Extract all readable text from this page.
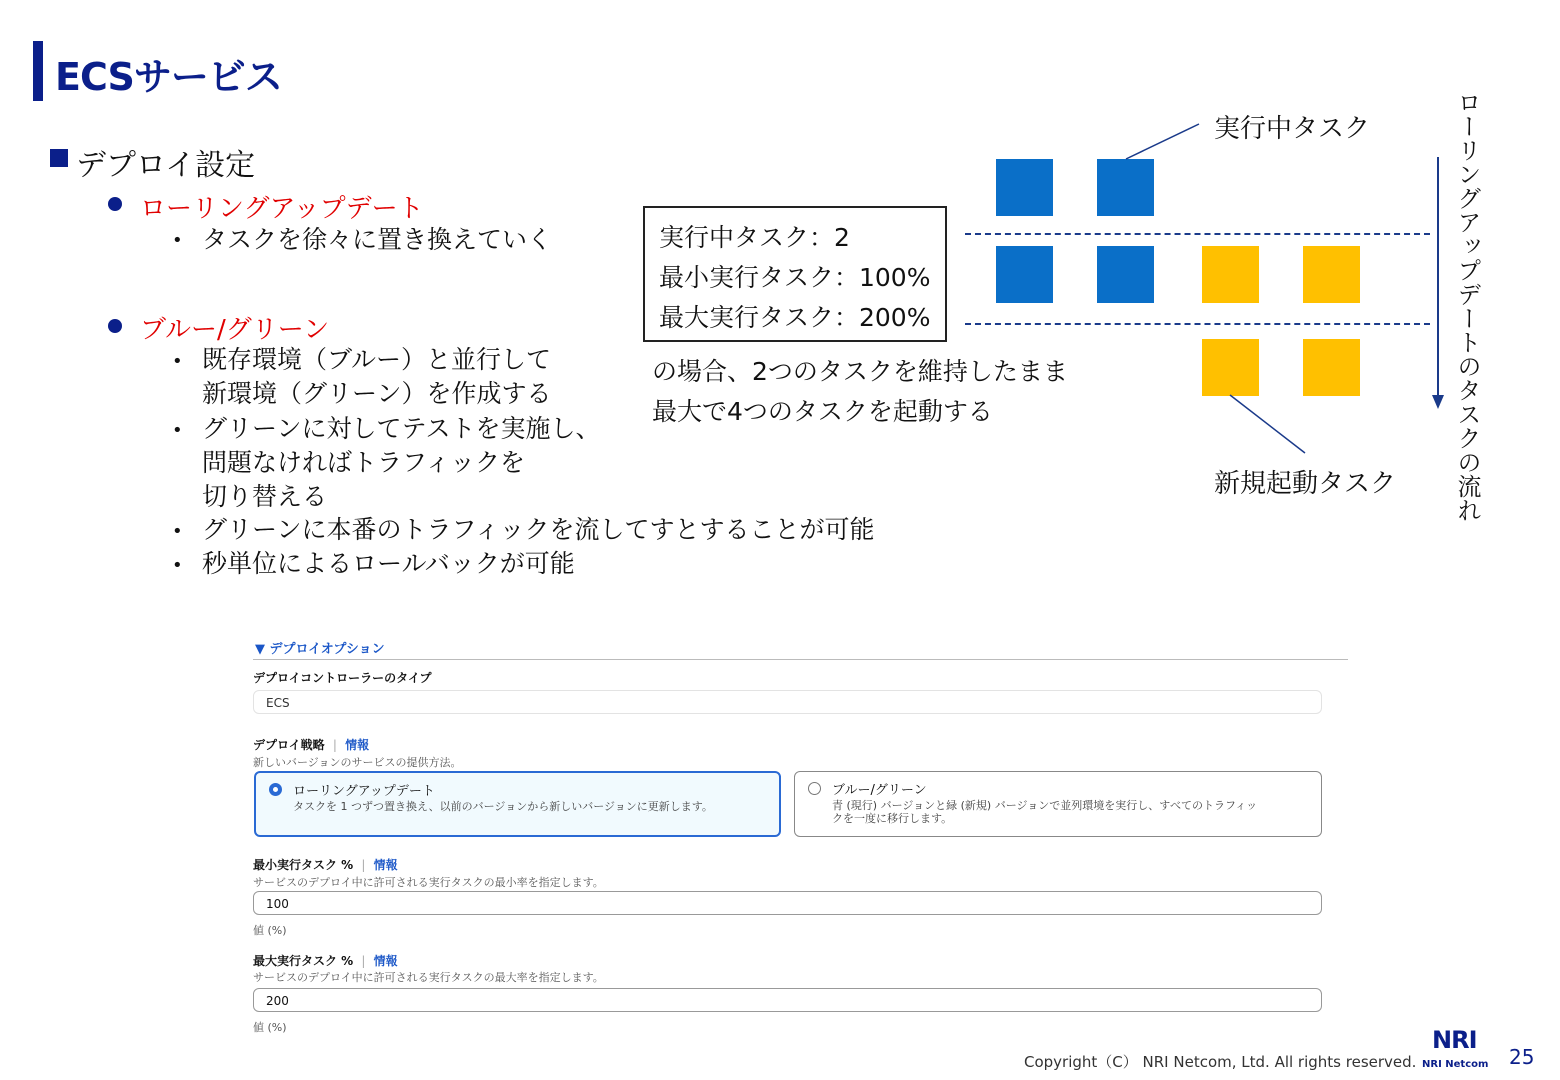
ECSサービス
デプロイ設定
ローリングアップデート
• タスクを徐々に置き換えていく
ブルー/グリーン
• 既存環境（ブルー）と並行して
新環境（グリーン）を作成する
• グリーンに対してテストを実施し、
問題なければトラフィックを
切り替える
• グリーンに本番のトラフィックを流してすとすることが可能
• 秒単位によるロールバックが可能
実行中タスク：2
最小実行タスク：100%
最大実行タスク：200%
の場合、2つのタスクを維持したまま
最大で4つのタスクを起動する
実行中タスク
新規起動タスク ローリングアップデートのタスクの流れ
▼ デプロイオプション
デプロイコントローラーのタイプ
ECS
デプロイ戦略 | 情報
新しいバージョンのサービスの提供方法。
ローリングアップデート
タスクを 1 つずつ置き換え、以前のバージョンから新しいバージョンに更新します。
ブルー/グリーン
青 (現行) バージョンと緑 (新規) バージョンで並列環境を実行し、すべてのトラフィッ
クを一度に移行します。
最小実行タスク % | 情報
サービスのデプロイ中に許可される実行タスクの最小率を指定します。
100
値 (%)
最大実行タスク % | 情報
サービスのデプロイ中に許可される実行タスクの最大率を指定します。
200
値 (%)
Copyright（C） NRI Netcom, Ltd. All rights reserved.
NRI
NRI Netcom 25
